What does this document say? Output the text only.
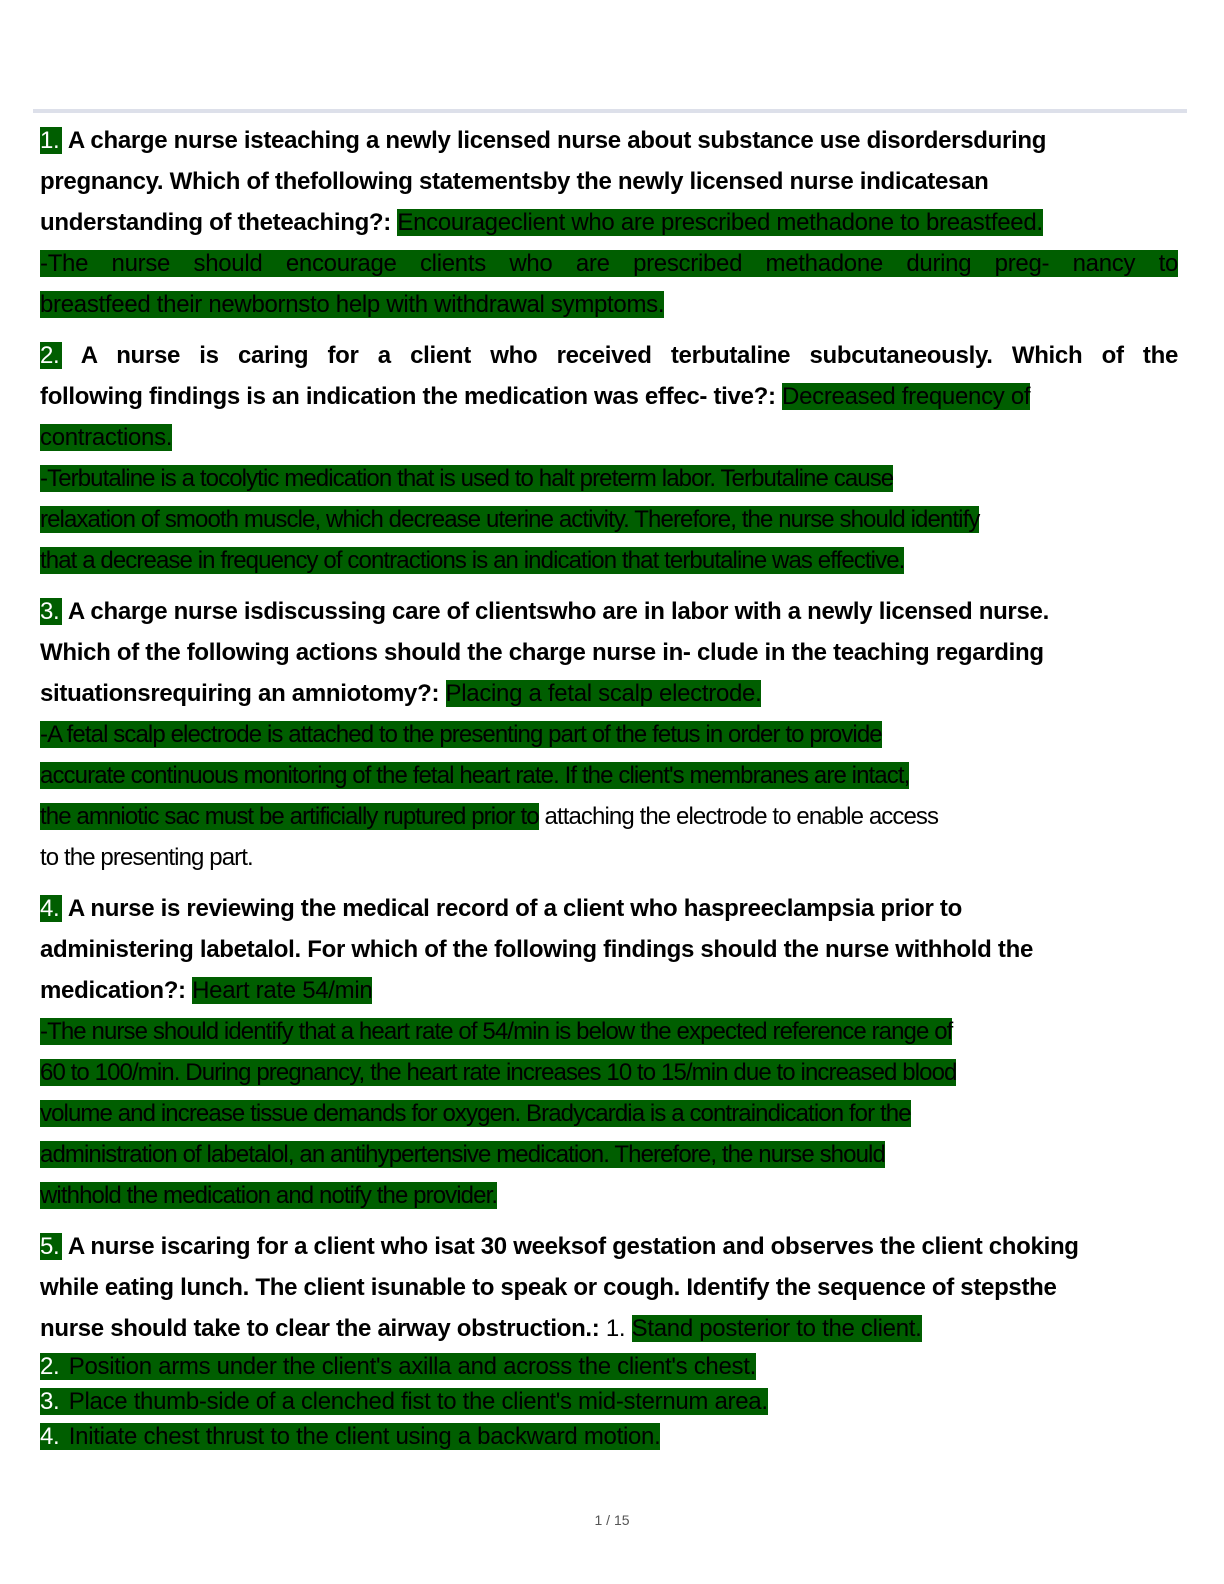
1. A charge nurse isteaching a newly licensed nurse about substance use disordersduring
pregnancy. Which of thefollowing statementsby the newly licensed nurse indicatesan
understanding of theteaching?: Encourageclient who are prescribed methadone to breastfeed.
-The nurse should encourage clients who are prescribed methadone during preg- nancy to
breastfeed their newbornsto help with withdrawal symptoms.
2. A nurse is caring for a client who received terbutaline subcutaneously. Which of the
following findings is an indication the medication was effec- tive?: Decreased frequency of
contractions.
-Terbutaline is a tocolytic medication that is used to halt preterm labor. Terbutaline cause
relaxation of smooth muscle, which decrease uterine activity. Therefore, the nurse should identify
that a decrease in frequency of contractions is an indication that terbutaline was effective.
3. A charge nurse isdiscussing care of clientswho are in labor with a newly licensed nurse.
Which of the following actions should the charge nurse in- clude in the teaching regarding
situationsrequiring an amniotomy?: Placing a fetal scalp electrode.
-A fetal scalp electrode is attached to the presenting part of the fetus in order to provide
accurate continuous monitoring of the fetal heart rate. If the client's membranes are intact,
the amniotic sac must be artificially ruptured prior to attaching the electrode to enable access
to the presenting part.
4. A nurse is reviewing the medical record of a client who haspreeclampsia prior to
administering labetalol. For which of the following findings should the nurse withhold the
medication?: Heart rate 54/min
-The nurse should identify that a heart rate of 54/min is below the expected reference range of
60 to 100/min. During pregnancy, the heart rate increases 10 to 15/min due to increased blood
volume and increase tissue demands for oxygen. Bradycardia is a contraindication for the
administration of labetalol, an antihypertensive medication. Therefore, the nurse should
withhold the medication and notify the provider.
5. A nurse iscaring for a client who isat 30 weeksof gestation and observes the client choking
while eating lunch. The client isunable to speak or cough. Identify the sequence of stepsthe
nurse should take to clear the airway obstruction.: 1. Stand posterior to the client.
2. Position arms under the client's axilla and across the client's chest.
3. Place thumb-side of a clenched fist to the client's mid-sternum area.
4. Initiate chest thrust to the client using a backward motion.
1 / 15
